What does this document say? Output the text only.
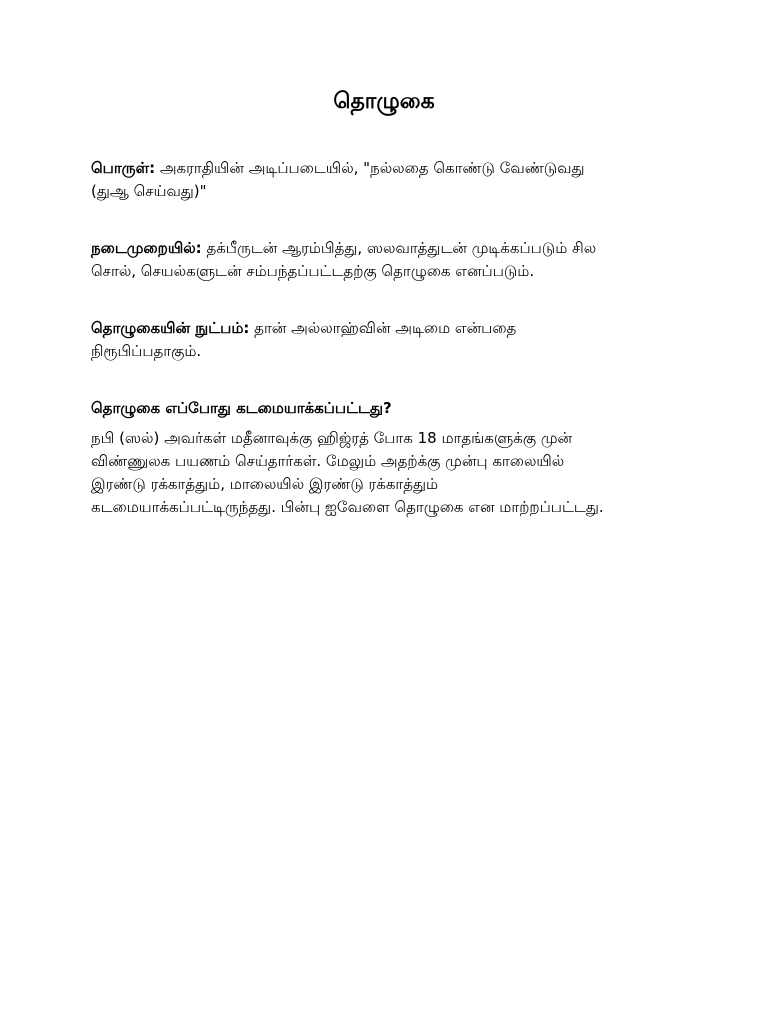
தொழுகை

பொருள்: அகராதியின் அடிப்படையில், "நல்லதை கொண்டு வேண்டுவது
(துஆ செய்வது)"

நடைமுறையில்: தக்பீருடன் ஆரம்பித்து, ஸலவாத்துடன் முடிக்கப்படும் சில
சொல், செயல்களுடன் சம்பந்தப்பட்டதற்கு தொழுகை எனப்படும்.

தொழுகையின் நுட்பம்: தான் அல்லாஹ்வின் அடிமை என்பதை
நிரூபிப்பதாகும்.

தொழுகை எப்போது கடமையாக்கப்பட்டது?

நபி (ஸல்) அவர்கள் மதீனாவுக்கு ஹிஜ்ரத் போக 18 மாதங்களுக்கு முன்
விண்ணுலக பயணம் செய்தார்கள். மேலும் அதற்க்கு முன்பு காலையில்
இரண்டு ரக்காத்தும், மாலையில் இரண்டு ரக்காத்தும்
கடமையாக்கப்பட்டிருந்தது. பின்பு ஐவேளை தொழுகை என மாற்றப்பட்டது.
